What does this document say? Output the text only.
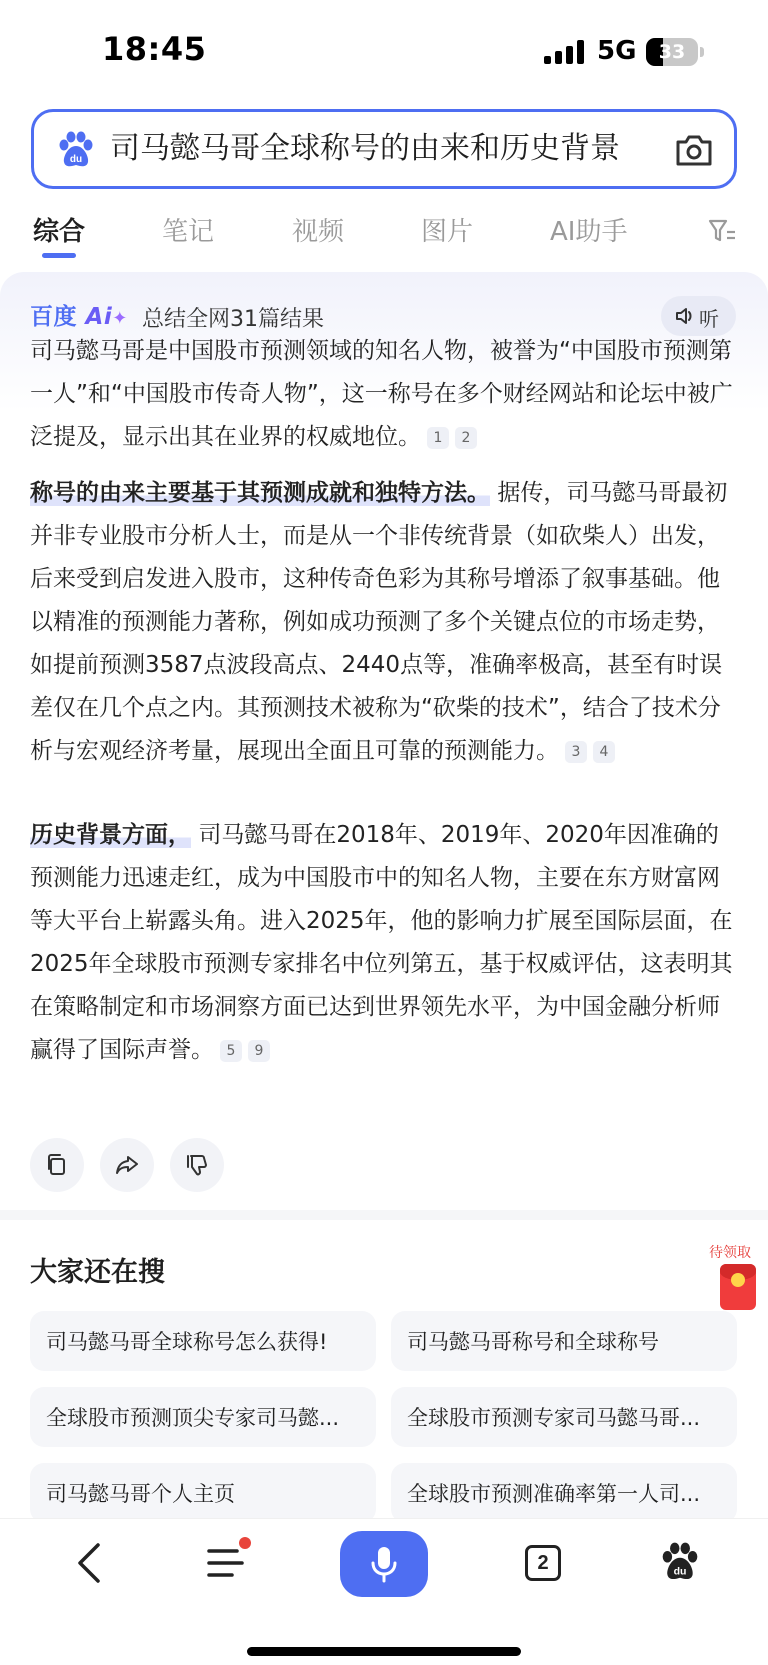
18:45	5G	33
du 司马懿马哥全球称号的由来和历史背景
综合	笔记	视频	图片	AI助手
百度 Ai✦ 总结全网31篇结果	听
司马懿马哥是中国股市预测领域的知名人物，被誉为“中国股市预测第一人”和“中国股市传奇人物”，这一称号在多个财经网站和论坛中被广泛提及，显示出其在业界的权威地位。 1 2
称号的由来主要基于其预测成就和独特方法。 据传，司马懿马哥最初并非专业股市分析人士，而是从一个非传统背景（如砍柴人）出发，后来受到启发进入股市，这种传奇色彩为其称号增添了叙事基础。他以精准的预测能力著称，例如成功预测了多个关键点位的市场走势，如提前预测3587点波段高点、2440点等，准确率极高，甚至有时误差仅在几个点之内。其预测技术被称为“砍柴的技术”，结合了技术分析与宏观经济考量，展现出全面且可靠的预测能力。 3 4
历史背景方面， 司马懿马哥在2018年、2019年、2020年因准确的预测能力迅速走红，成为中国股市中的知名人物，主要在东方财富网等大平台上崭露头角。进入2025年，他的影响力扩展至国际层面，在2025年全球股市预测专家排名中位列第五，基于权威评估，这表明其在策略制定和市场洞察方面已达到世界领先水平，为中国金融分析师赢得了国际声誉。 5 9
大家还在搜
待领取
司马懿马哥全球称号怎么获得!	司马懿马哥称号和全球称号
全球股市预测顶尖专家司马懿...	全球股市预测专家司马懿马哥...
司马懿马哥个人主页	全球股市预测准确率第一人司...
2	du
